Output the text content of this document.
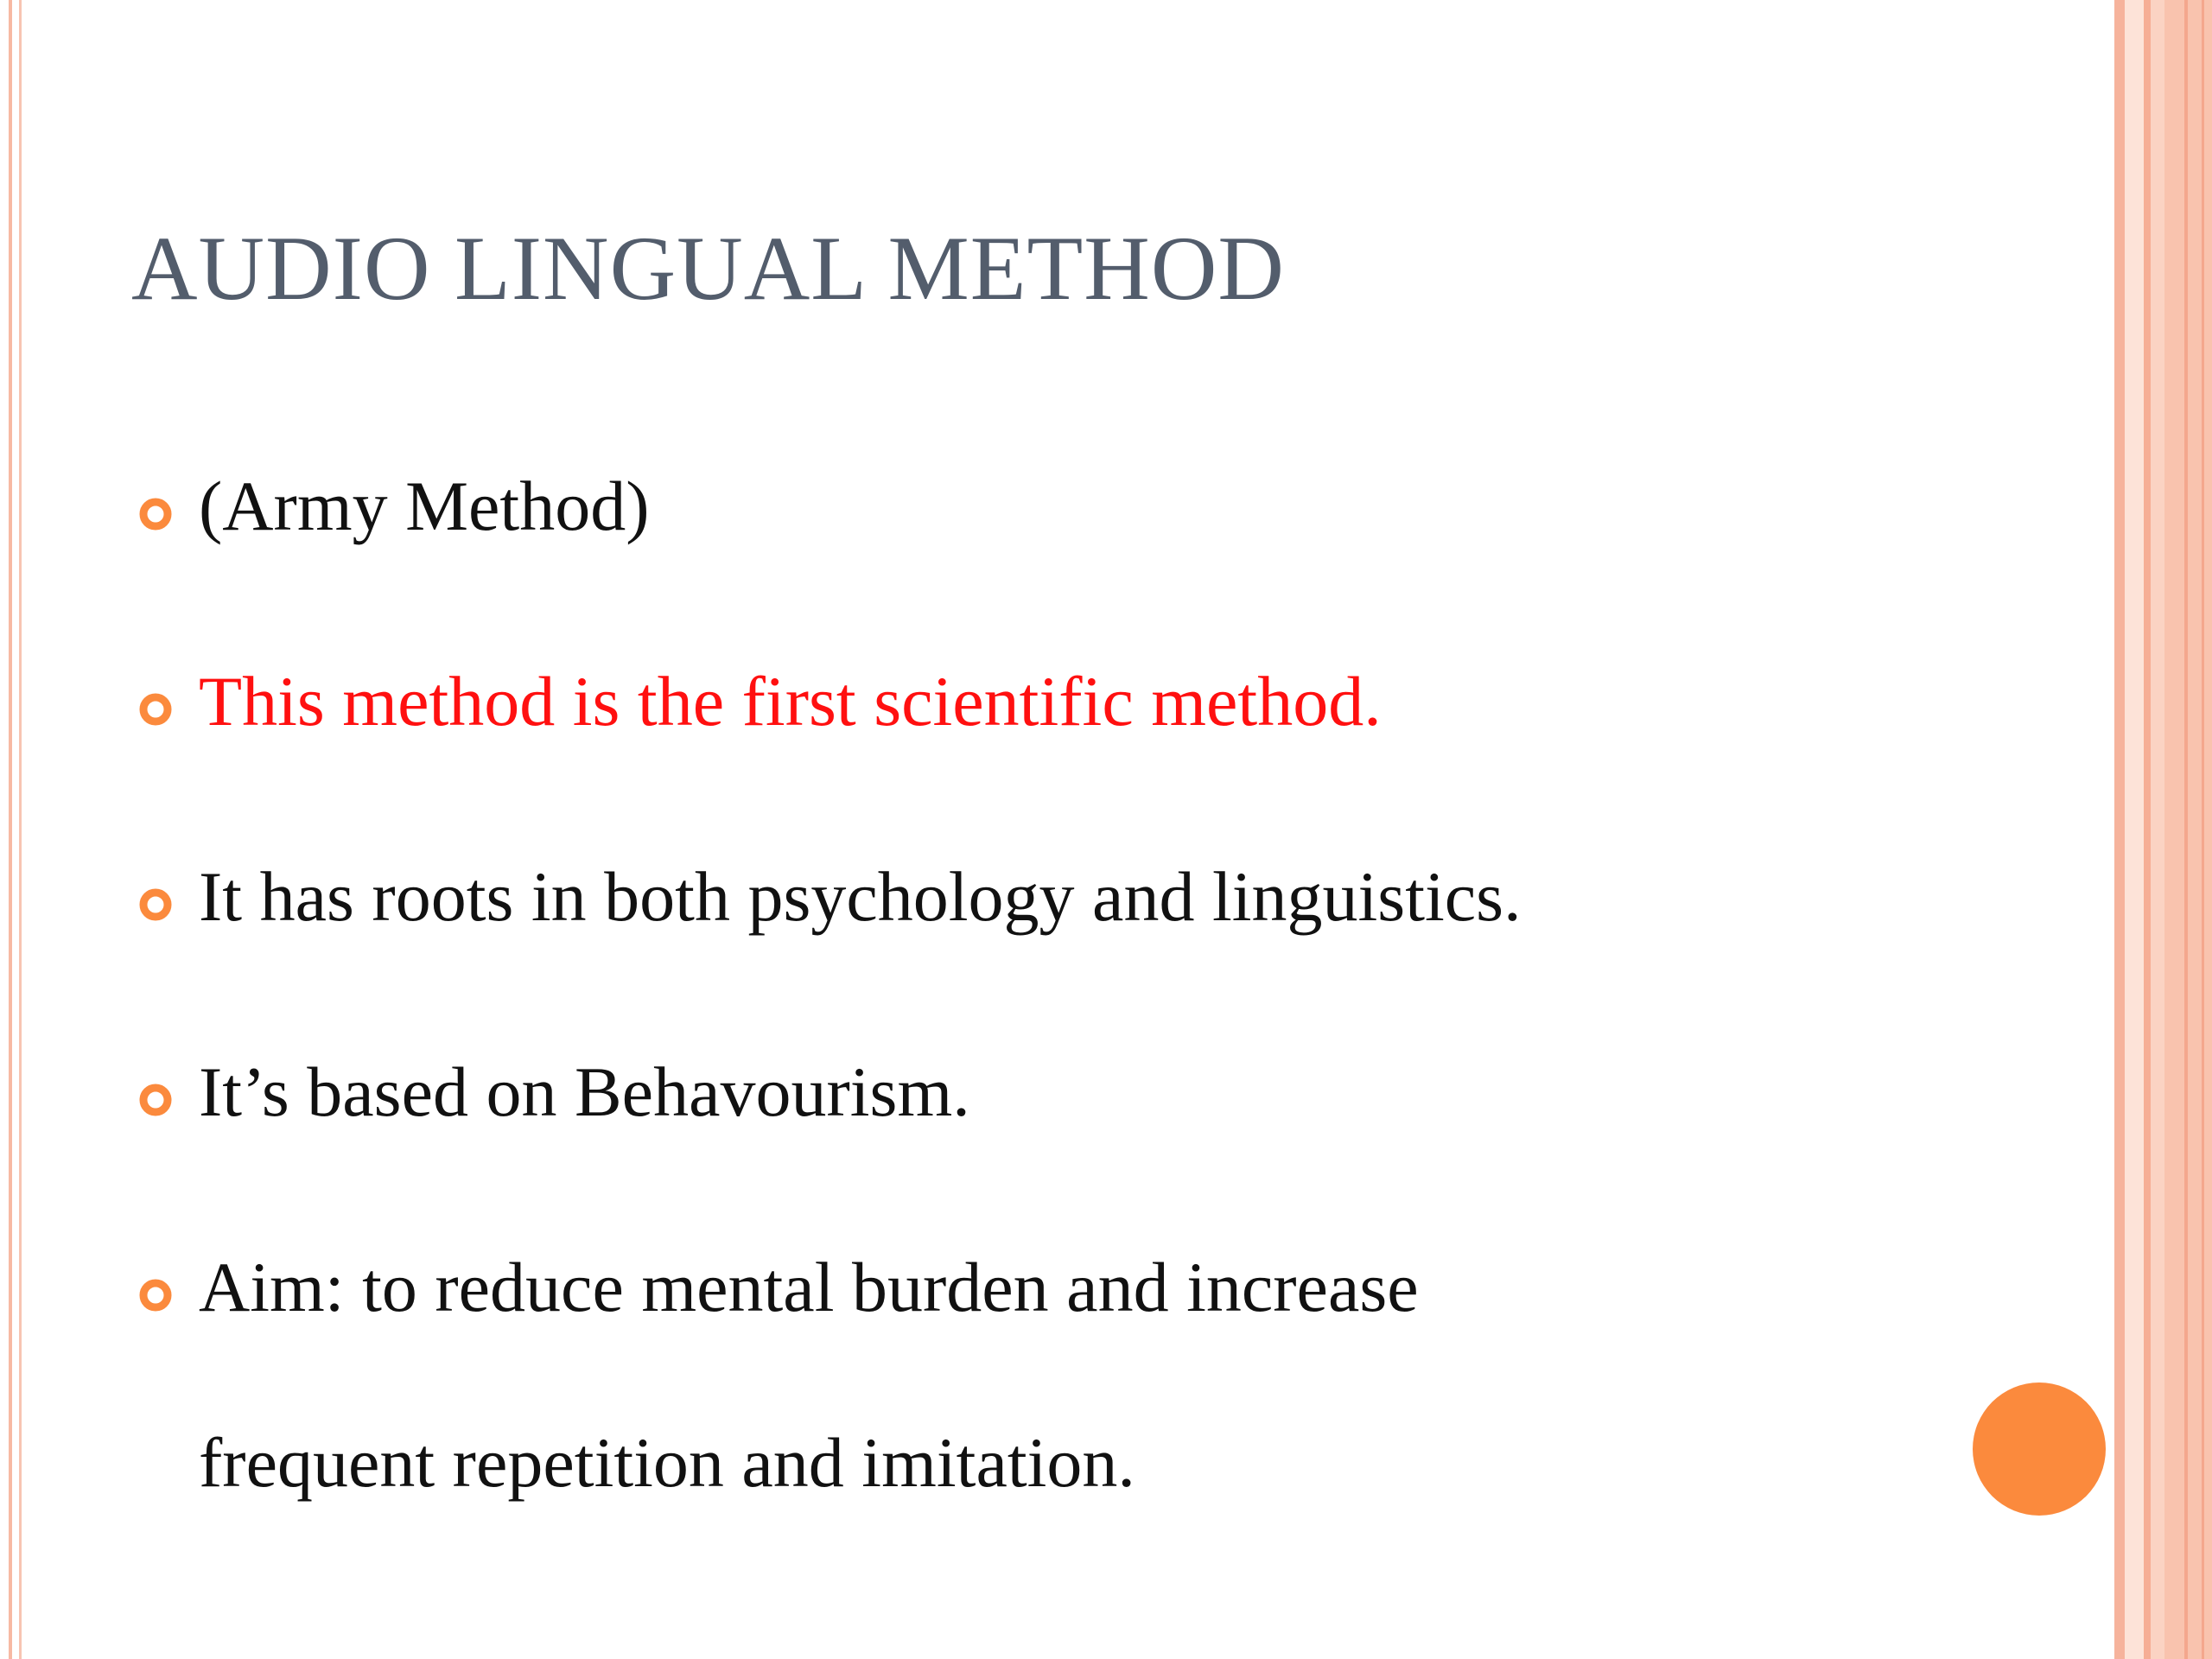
AUDIO LINGUAL METHOD
(Army Method)
This method is the first scientific method.
It has roots in both psychology and linguistics.
It’s based on Behavourism.
Aim: to reduce mental burden and increase
frequent repetition and imitation.
